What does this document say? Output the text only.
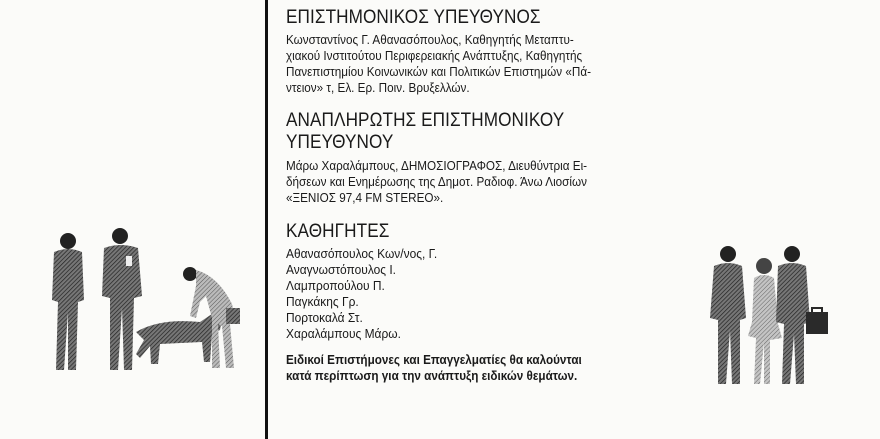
ΕΠΙΣΤΗΜΟΝΙΚΟΣ ΥΠΕΥΘΥΝΟΣ
Κωνσταντίνος Γ. Αθανασόπουλος, Καθηγητής Μεταπτυ-
χιακού Ινστιτούτου Περιφερειακής Ανάπτυξης, Καθηγητής
Πανεπιστημίου Κοινωνικών και Πολιτικών Επιστημών «Πά-
ντειον» τ, Ελ. Ερ. Ποιν. Βρυξελλών.
ΑΝΑΠΛΗΡΩΤΗΣ ΕΠΙΣΤΗΜΟΝΙΚΟΥ
ΥΠΕΥΘΥΝΟΥ
Μάρω Χαραλάμπους, ΔΗΜΟΣΙΟΓΡΑΦΟΣ, Διευθύντρια Ει-
δήσεων και Ενημέρωσης της Δημοτ. Ραδιοφ. Άνω Λιοσίων
«ΞΕΝΙΟΣ 97,4 FM STEREO».
ΚΑΘΗΓΗΤΕΣ
Αθανασόπουλος Κων/νος, Γ.
Αναγνωστόπουλος Ι.
Λαμπροπούλου Π.
Παγκάκης Γρ.
Πορτοκαλά Στ.
Χαραλάμπους Μάρω.
Ειδικοί Επιστήμονες και Επαγγελματίες θα καλούνται
κατά περίπτωση για την ανάπτυξη ειδικών θεμάτων.
